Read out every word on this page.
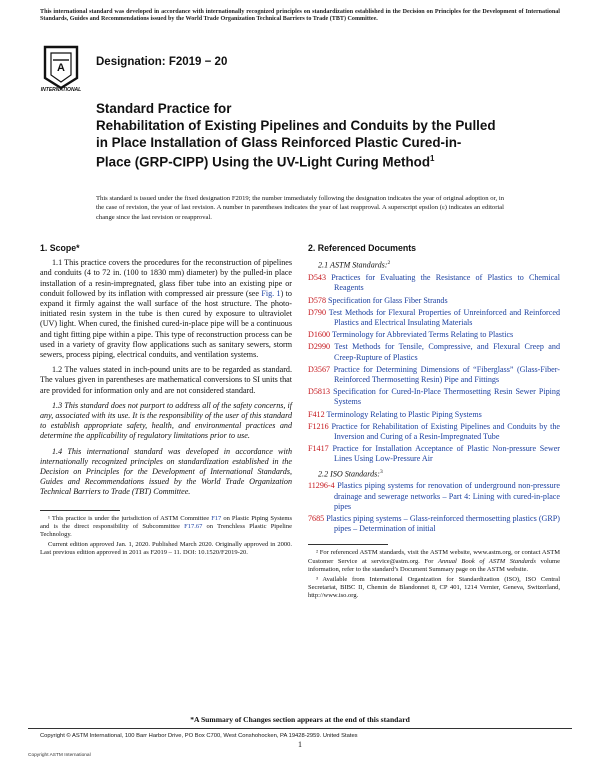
This international standard was developed in accordance with internationally recognized principles on standardization established in the Decision on Principles for the Development of International Standards, Guides and Recommendations issued by the World Trade Organization Technical Barriers to Trade (TBT) Committee.
A
INTERNATIONAL
Designation: F2019 − 20
Standard Practice for
Rehabilitation of Existing Pipelines and Conduits by the Pulled in Place Installation of Glass Reinforced Plastic Cured-in-Place (GRP-CIPP) Using the UV-Light Curing Method$^1$
This standard is issued under the fixed designation F2019; the number immediately following the designation indicates the year of original adoption or, in the case of revision, the year of last revision. A number in parentheses indicates the year of last reapproval. A superscript epsilon (ε) indicates an editorial change since the last revision or reapproval.
1. Scope*

1.1 This practice covers the procedures for the reconstruction of pipelines and conduits (4 to 72 in. (100 to 1830 mm) diameter) by the pulled-in place installation of a resin-impregnated, glass fiber tube into an existing pipe or conduit followed by its inflation with compressed air pressure (see Fig. 1) to expand it firmly against the wall surface of the host structure. The photo-initiated resin system in the tube is then cured by exposure to ultraviolet (UV) light. When cured, the finished cured-in-place pipe will be a continuous and tight fitting pipe within a pipe. This type of reconstruction process can be used in a variety of gravity flow applications such as sanitary sewers, storm sewers, process piping, electrical conduits, and ventilation systems.

1.2 The values stated in inch-pound units are to be regarded as standard. The values given in parentheses are mathematical conversions to SI units that are provided for information only and are not considered standard.

1.3 This standard does not purport to address all of the safety concerns, if any, associated with its use. It is the responsibility of the user of this standard to establish appropriate safety, health, and environmental practices and determine the applicability of regulatory limitations prior to use.

1.4 This international standard was developed in accordance with internationally recognized principles on standardization established in the Decision on Principles for the Development of International Standards, Guides and Recommendations issued by the World Trade Organization Technical Barriers to Trade (TBT) Committee.

¹ This practice is under the jurisdiction of ASTM Committee F17 on Plastic Piping Systems and is the direct responsibility of Subcommittee F17.67 on Trenchless Plastic Pipeline Technology.

Current edition approved Jan. 1, 2020. Published March 2020. Originally approved in 2000. Last previous edition approved in 2011 as F2019 – 11. DOI: 10.1520/F2019-20.

2. Referenced Documents
2.1 ASTM Standards:$^2$
D543 Practices for Evaluating the Resistance of Plastics to Chemical Reagents
D578 Specification for Glass Fiber Strands
D790 Test Methods for Flexural Properties of Unreinforced and Reinforced Plastics and Electrical Insulating Materials
D1600 Terminology for Abbreviated Terms Relating to Plastics
D2990 Test Methods for Tensile, Compressive, and Flexural Creep and Creep-Rupture of Plastics
D3567 Practice for Determining Dimensions of “Fiberglass” (Glass-Fiber-Reinforced Thermosetting Resin) Pipe and Fittings
D5813 Specification for Cured-In-Place Thermosetting Resin Sewer Piping Systems
F412 Terminology Relating to Plastic Piping Systems
F1216 Practice for Rehabilitation of Existing Pipelines and Conduits by the Inversion and Curing of a Resin-Impregnated Tube
F1417 Practice for Installation Acceptance of Plastic Non-pressure Sewer Lines Using Low-Pressure Air
2.2 ISO Standards:$^3$
11296-4 Plastics piping systems for renovation of underground non-pressure drainage and sewerage networks – Part 4: Lining with cured-in-place pipes
7685 Plastics piping systems – Glass-reinforced thermosetting plastics (GRP) pipes – Determination of initial

² For referenced ASTM standards, visit the ASTM website, www.astm.org, or contact ASTM Customer Service at service@astm.org. For Annual Book of ASTM Standards volume information, refer to the standard’s Document Summary page on the ASTM website.

³ Available from International Organization for Standardization (ISO), ISO Central Secretariat, BIBC II, Chemin de Blandonnet 8, CP 401, 1214 Vernier, Geneva, Switzerland, http://www.iso.org.

*A Summary of Changes section appears at the end of this standard
Copyright © ASTM International, 100 Barr Harbor Drive, PO Box C700, West Conshohocken, PA 19428-2959. United States
1
Copyright ASTM International
